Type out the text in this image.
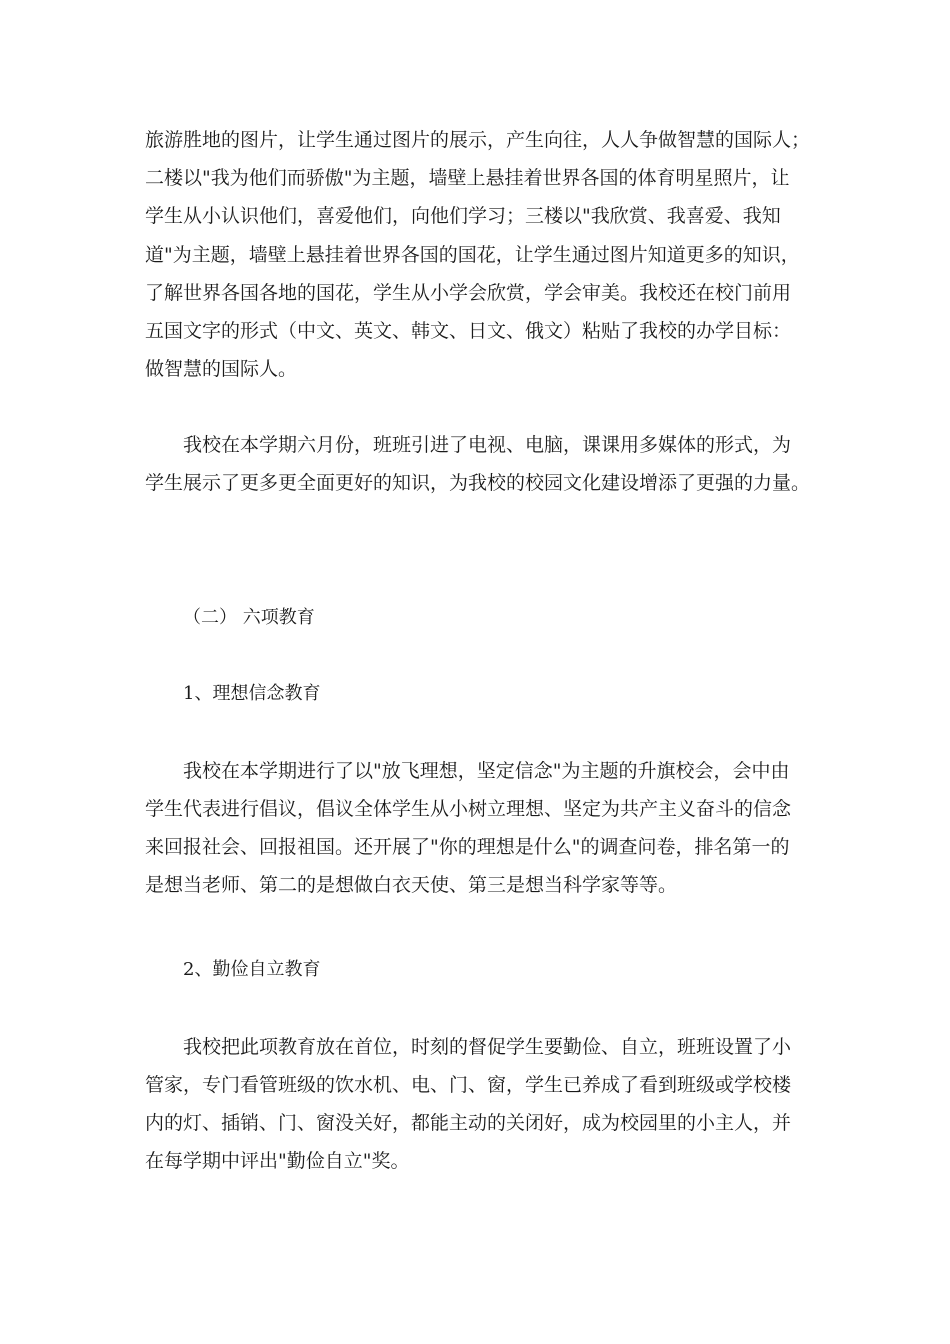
旅游胜地的图片，让学生通过图片的展示，产生向往，人人争做智慧的国际人；
二楼以"我为他们而骄傲"为主题，墙壁上悬挂着世界各国的体育明星照片，让
学生从小认识他们，喜爱他们，向他们学习；三楼以"我欣赏、我喜爱、我知
道"为主题，墙壁上悬挂着世界各国的国花，让学生通过图片知道更多的知识，
了解世界各国各地的国花，学生从小学会欣赏，学会审美。我校还在校门前用
五国文字的形式（中文、英文、韩文、日文、俄文）粘贴了我校的办学目标：
做智慧的国际人。
我校在本学期六月份，班班引进了电视、电脑，课课用多媒体的形式，为
学生展示了更多更全面更好的知识，为我校的校园文化建设增添了更强的力量。
（二） 六项教育
1、理想信念教育
我校在本学期进行了以"放飞理想，坚定信念"为主题的升旗校会，会中由
学生代表进行倡议，倡议全体学生从小树立理想、坚定为共产主义奋斗的信念
来回报社会、回报祖国。还开展了"你的理想是什么"的调查问卷，排名第一的
是想当老师、第二的是想做白衣天使、第三是想当科学家等等。
2、勤俭自立教育
我校把此项教育放在首位，时刻的督促学生要勤俭、自立，班班设置了小
管家，专门看管班级的饮水机、电、门、窗，学生已养成了看到班级或学校楼
内的灯、插销、门、窗没关好，都能主动的关闭好，成为校园里的小主人，并
在每学期中评出"勤俭自立"奖。
